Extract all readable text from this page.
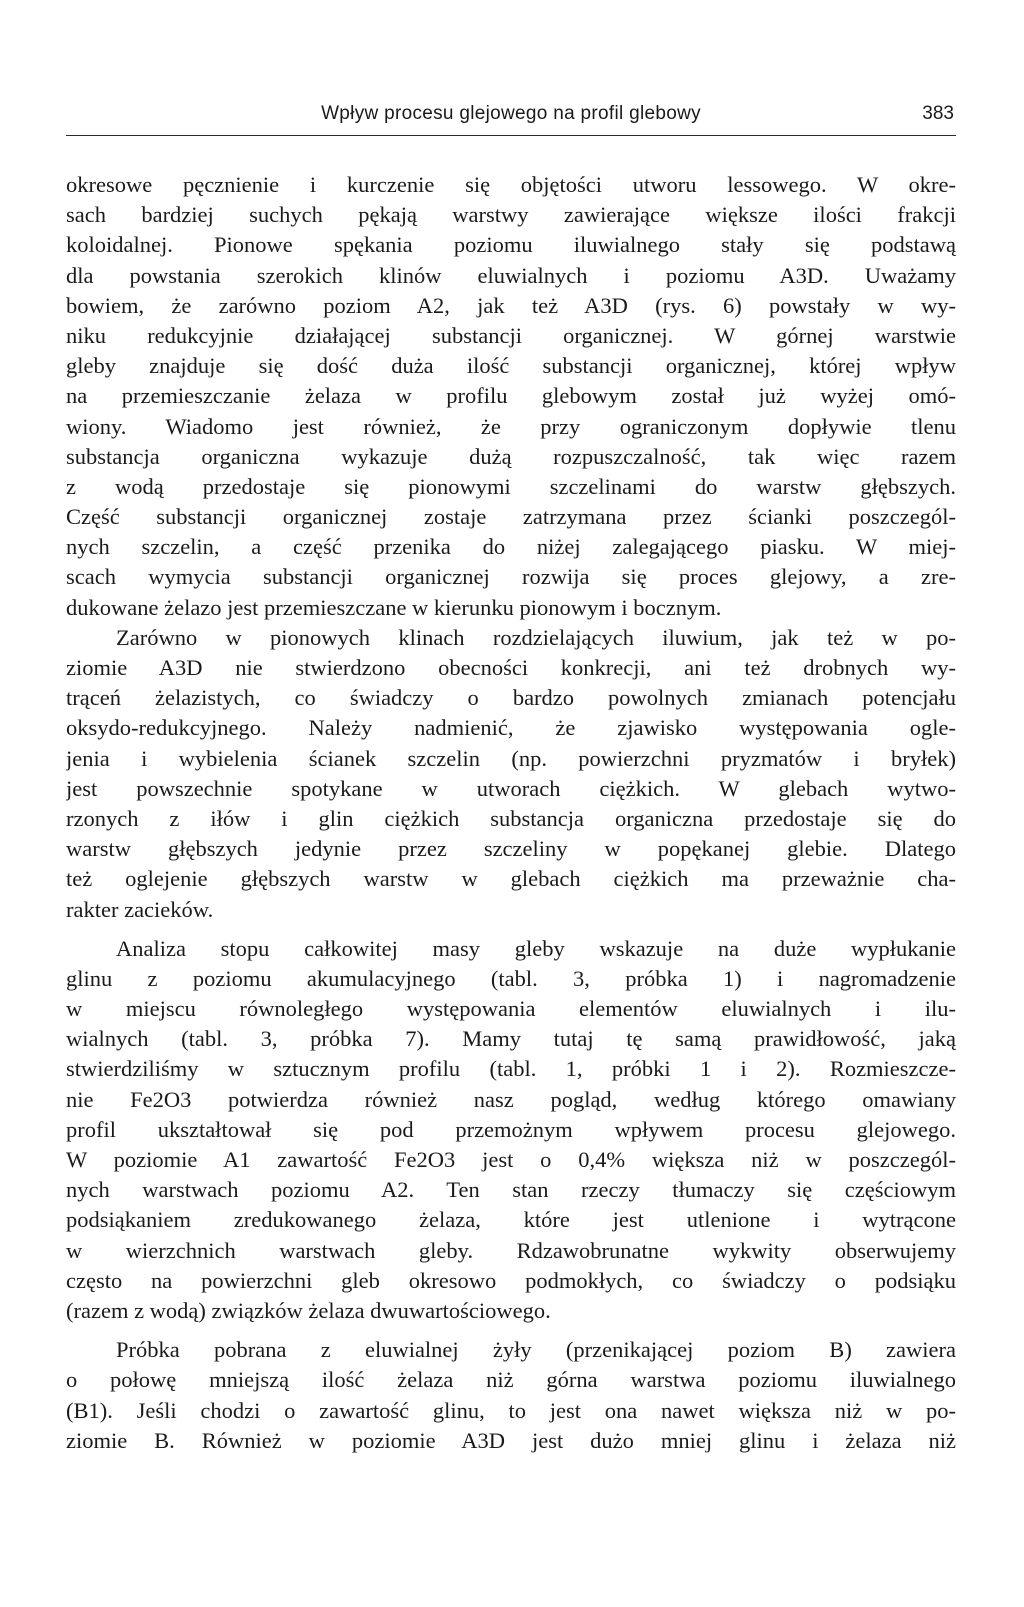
Wpływ procesu glejowego na profil glebowy	383
okresowe pęcznienie i kurczenie się objętości utworu lessowego. W okre-
sach bardziej suchych pękają warstwy zawierające większe ilości frakcji
koloidalnej. Pionowe spękania poziomu iluwialnego stały się podstawą
dla powstania szerokich klinów eluwialnych i poziomu A3D. Uważamy
bowiem, że zarówno poziom A2, jak też A3D (rys. 6) powstały w wy-
niku redukcyjnie działającej substancji organicznej. W górnej warstwie
gleby znajduje się dość duża ilość substancji organicznej, której wpływ
na przemieszczanie żelaza w profilu glebowym został już wyżej omó-
wiony. Wiadomo jest również, że przy ograniczonym dopływie tlenu
substancja organiczna wykazuje dużą rozpuszczalność, tak więc razem
z wodą przedostaje się pionowymi szczelinami do warstw głębszych.
Część substancji organicznej zostaje zatrzymana przez ścianki poszczegól-
nych szczelin, a część przenika do niżej zalegającego piasku. W miej-
scach wymycia substancji organicznej rozwija się proces glejowy, a zre-
dukowane żelazo jest przemieszczane w kierunku pionowym i bocznym.
Zarówno w pionowych klinach rozdzielających iluwium, jak też w po-
ziomie A3D nie stwierdzono obecności konkrecji, ani też drobnych wy-
trąceń żelazistych, co świadczy o bardzo powolnych zmianach potencjału
oksydo-redukcyjnego. Należy nadmienić, że zjawisko występowania ogle-
jenia i wybielenia ścianek szczelin (np. powierzchni pryzmatów i bryłek)
jest powszechnie spotykane w utworach ciężkich. W glebach wytwo-
rzonych z iłów i glin ciężkich substancja organiczna przedostaje się do
warstw głębszych jedynie przez szczeliny w popękanej glebie. Dlatego
też oglejenie głębszych warstw w glebach ciężkich ma przeważnie cha-
rakter zacieków.
Analiza stopu całkowitej masy gleby wskazuje na duże wypłukanie
glinu z poziomu akumulacyjnego (tabl. 3, próbka 1) i nagromadzenie
w miejscu równoległego występowania elementów eluwialnych i ilu-
wialnych (tabl. 3, próbka 7). Mamy tutaj tę samą prawidłowość, jaką
stwierdziliśmy w sztucznym profilu (tabl. 1, próbki 1 i 2). Rozmieszcze-
nie Fe2O3 potwierdza również nasz pogląd, według którego omawiany
profil ukształtował się pod przemożnym wpływem procesu glejowego.
W poziomie A1 zawartość Fe2O3 jest o 0,4% większa niż w poszczegól-
nych warstwach poziomu A2. Ten stan rzeczy tłumaczy się częściowym
podsiąkaniem zredukowanego żelaza, które jest utlenione i wytrącone
w wierzchnich warstwach gleby. Rdzawobrunatne wykwity obserwujemy
często na powierzchni gleb okresowo podmokłych, co świadczy o podsiąku
(razem z wodą) związków żelaza dwuwartościowego.
Próbka pobrana z eluwialnej żyły (przenikającej poziom B) zawiera
o połowę mniejszą ilość żelaza niż górna warstwa poziomu iluwialnego
(B1). Jeśli chodzi o zawartość glinu, to jest ona nawet większa niż w po-
ziomie B. Również w poziomie A3D jest dużo mniej glinu i żelaza niż
